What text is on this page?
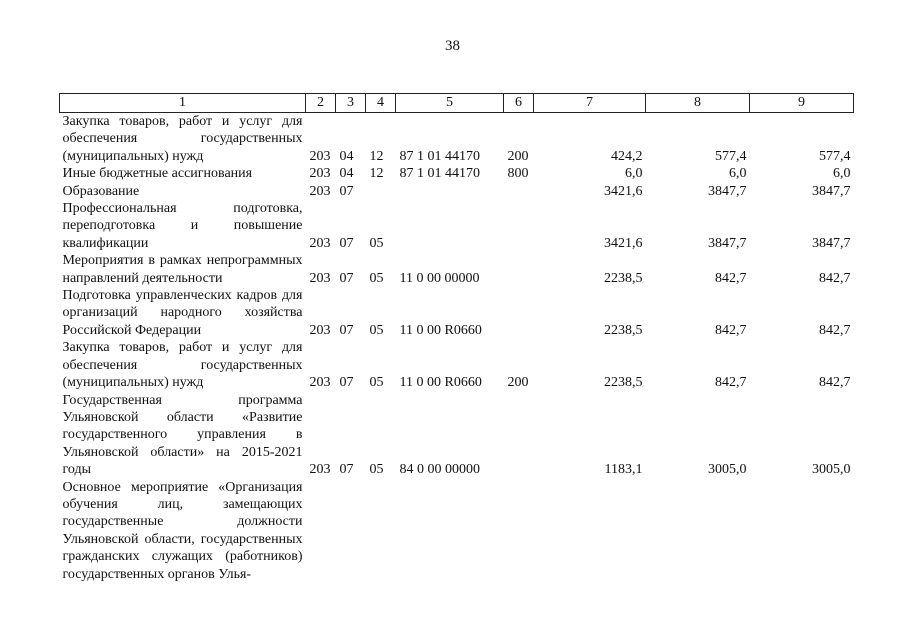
38
1	2	3	4	5	6	7	8	9
Закупка товаров, работ и услуг для обеспечения государственных (муниципальных) нужд	203	04	12	87 1 01 44170	200	424,2	577,4	577,4
Иные бюджетные ассигнования	203	04	12	87 1 01 44170	800	6,0	6,0	6,0
Образование	203	07				3421,6	3847,7	3847,7
Профессиональная подготовка, переподготовка и повышение квалификации	203	07	05			3421,6	3847,7	3847,7
Мероприятия в рамках непрограммных направлений деятельности	203	07	05	11 0 00 00000		2238,5	842,7	842,7
Подготовка управленческих кадров для организаций народного хозяйства Российской Федерации	203	07	05	11 0 00 R0660		2238,5	842,7	842,7
Закупка товаров, работ и услуг для обеспечения государственных (муниципальных) нужд	203	07	05	11 0 00 R0660	200	2238,5	842,7	842,7
Государственная программа Ульяновской области «Развитие государственного управления в Ульяновской области» на 2015-2021 годы	203	07	05	84 0 00 00000		1183,1	3005,0	3005,0
Основное мероприятие «Организация обучения лиц, замещающих государственные должности Ульяновской области, государственных гражданских служащих (работников) государственных органов Улья-								
